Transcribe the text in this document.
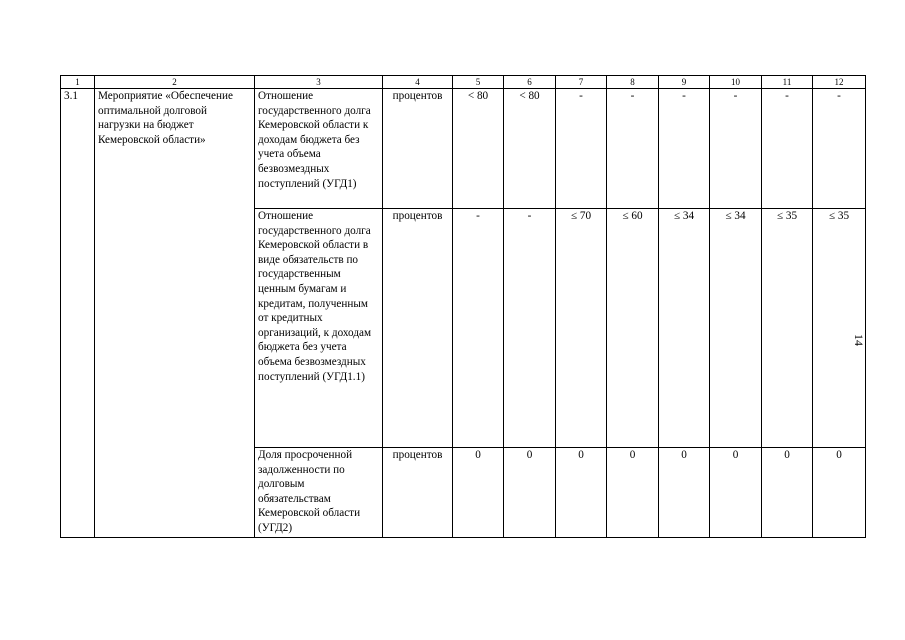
1	2	3	4	5	6	7	8	9	10	11	12
3.1	Мероприятие «Обеспечение оптимальной долговой нагрузки на бюджет Кемеровской области»	Отношение государственного долга Кемеровской области к доходам бюджета без учета объема безвозмездных поступлений (УГД1)	процентов	< 80	< 80	-	-	-	-	-	-
		Отношение государственного долга Кемеровской области в виде обязательств по государственным ценным бумагам и кредитам, полученным от кредитных организаций, к доходам бюджета без учета объема безвозмездных поступлений (УГД1.1)	процентов	-	-	≤ 70	≤ 60	≤ 34	≤ 34	≤ 35	≤ 35
		Доля просроченной задолженности по долговым обязательствам Кемеровской области (УГД2)	процентов	0	0	0	0	0	0	0	0
14
